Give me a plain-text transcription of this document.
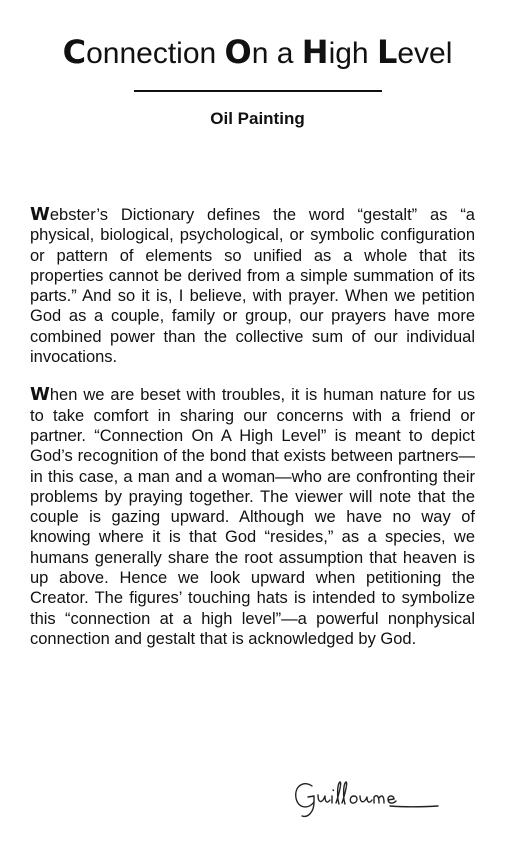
Connection On a High Level
Oil Painting

Webster’s Dictionary defines the word “gestalt” as “a physical, biological, psychological, or symbolic configuration or pattern of elements so unified as a whole that its properties cannot be derived from a simple summation of its parts.” And so it is, I believe, with prayer. When we petition God as a couple, family or group, our prayers have more combined power than the collective sum of our individual invocations.

When we are beset with troubles, it is human nature for us to take comfort in sharing our concerns with a friend or partner. “Connection On A High Level” is meant to depict God’s recognition of the bond that exists between partners—in this case, a man and a woman—who are confronting their problems by praying together. The viewer will note that the couple is gazing upward. Although we have no way of knowing where it is that God “resides,” as a species, we humans generally share the root assumption that heaven is up above. Hence we look upward when petitioning the Creator. The figures’ touching hats is intended to symbolize this “connection at a high level”—a powerful nonphysical connection and gestalt that is acknowledged by God.
